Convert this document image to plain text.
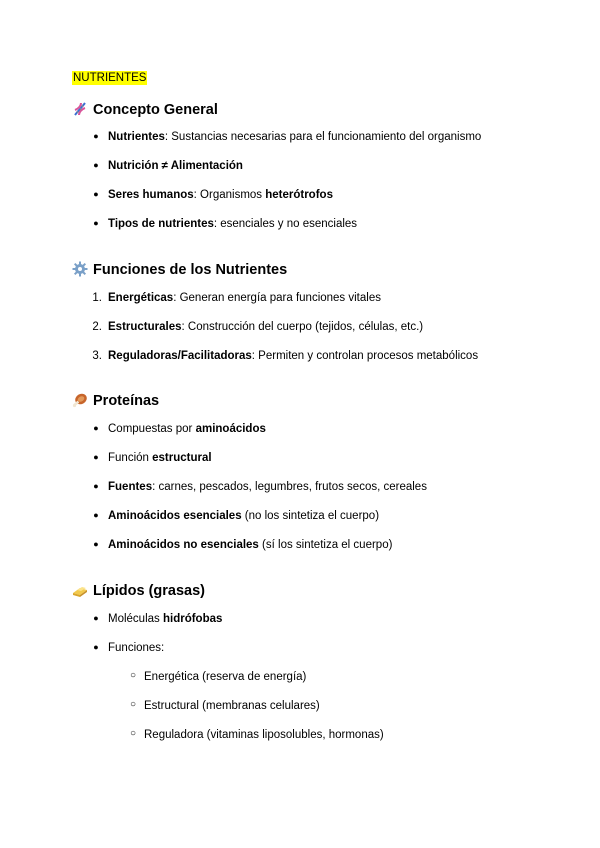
NUTRIENTES
Concepto General
● Nutrientes: Sustancias necesarias para el funcionamiento del organismo
● Nutrición ≠ Alimentación
● Seres humanos: Organismos heterótrofos
● Tipos de nutrientes: esenciales y no esenciales
Funciones de los Nutrientes
1. Energéticas: Generan energía para funciones vitales
2. Estructurales: Construcción del cuerpo (tejidos, células, etc.)
3. Reguladoras/Facilitadoras: Permiten y controlan procesos metabólicos
Proteínas
● Compuestas por aminoácidos
● Función estructural
● Fuentes: carnes, pescados, legumbres, frutos secos, cereales
● Aminoácidos esenciales (no los sintetiza el cuerpo)
● Aminoácidos no esenciales (sí los sintetiza el cuerpo)
Lípidos (grasas)
● Moléculas hidrófobas
● Funciones:
○ Energética (reserva de energía)
○ Estructural (membranas celulares)
○ Reguladora (vitaminas liposolubles, hormonas)
